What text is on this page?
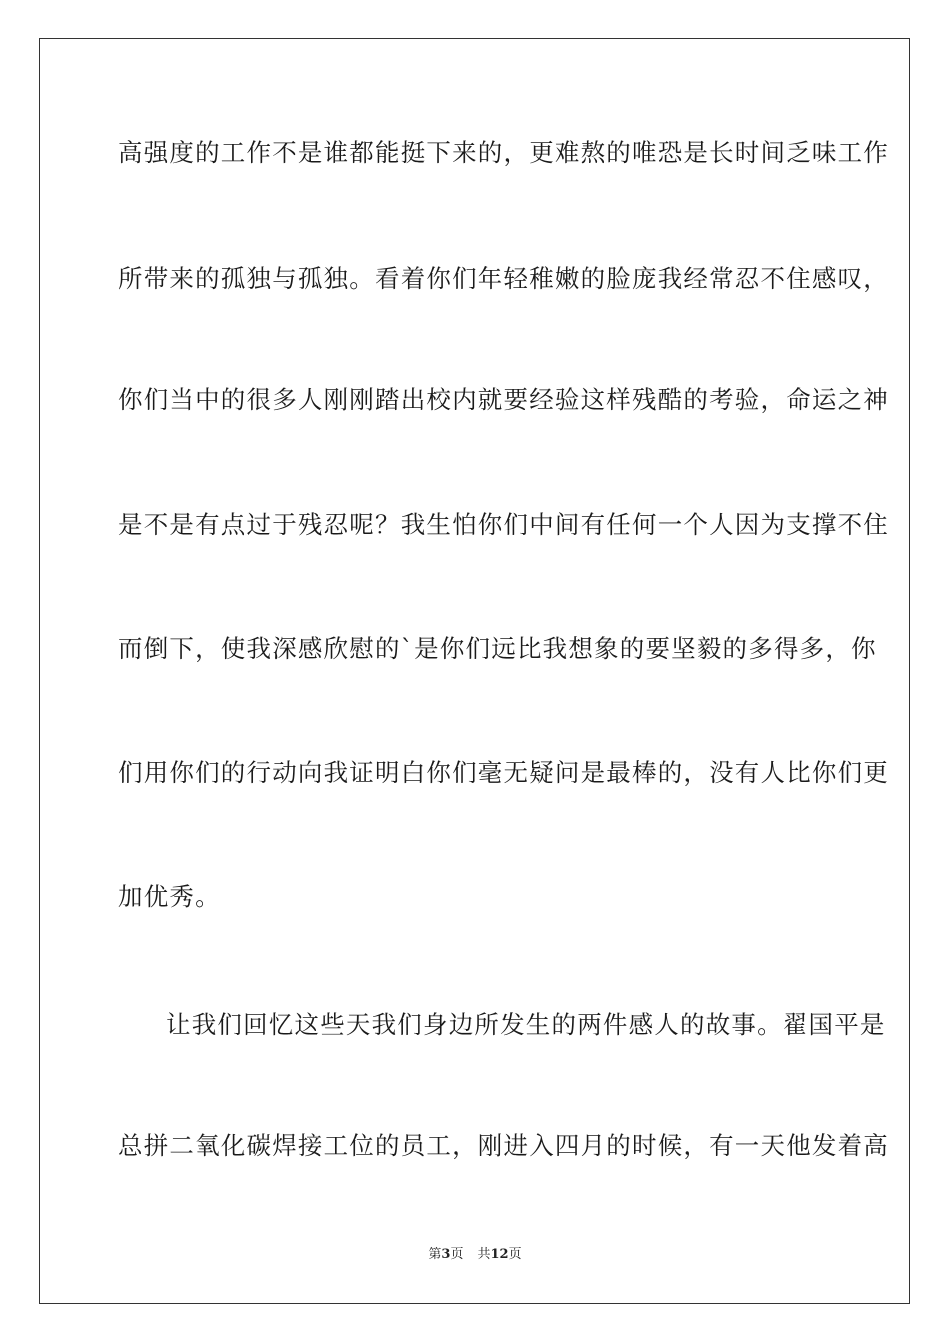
高强度的工作不是谁都能挺下来的，更难熬的唯恐是长时间乏味工作
所带来的孤独与孤独。看着你们年轻稚嫩的脸庞我经常忍不住感叹，
你们当中的很多人刚刚踏出校内就要经验这样残酷的考验，命运之神
是不是有点过于残忍呢？我生怕你们中间有任何一个人因为支撑不住
而倒下，使我深感欣慰的`是你们远比我想象的要坚毅的多得多，你
们用你们的行动向我证明白你们毫无疑问是最棒的，没有人比你们更
加优秀。
让我们回忆这些天我们身边所发生的两件感人的故事。翟国平是
总拼二氧化碳焊接工位的员工，刚进入四月的时候，有一天他发着高
第3页 共12页
